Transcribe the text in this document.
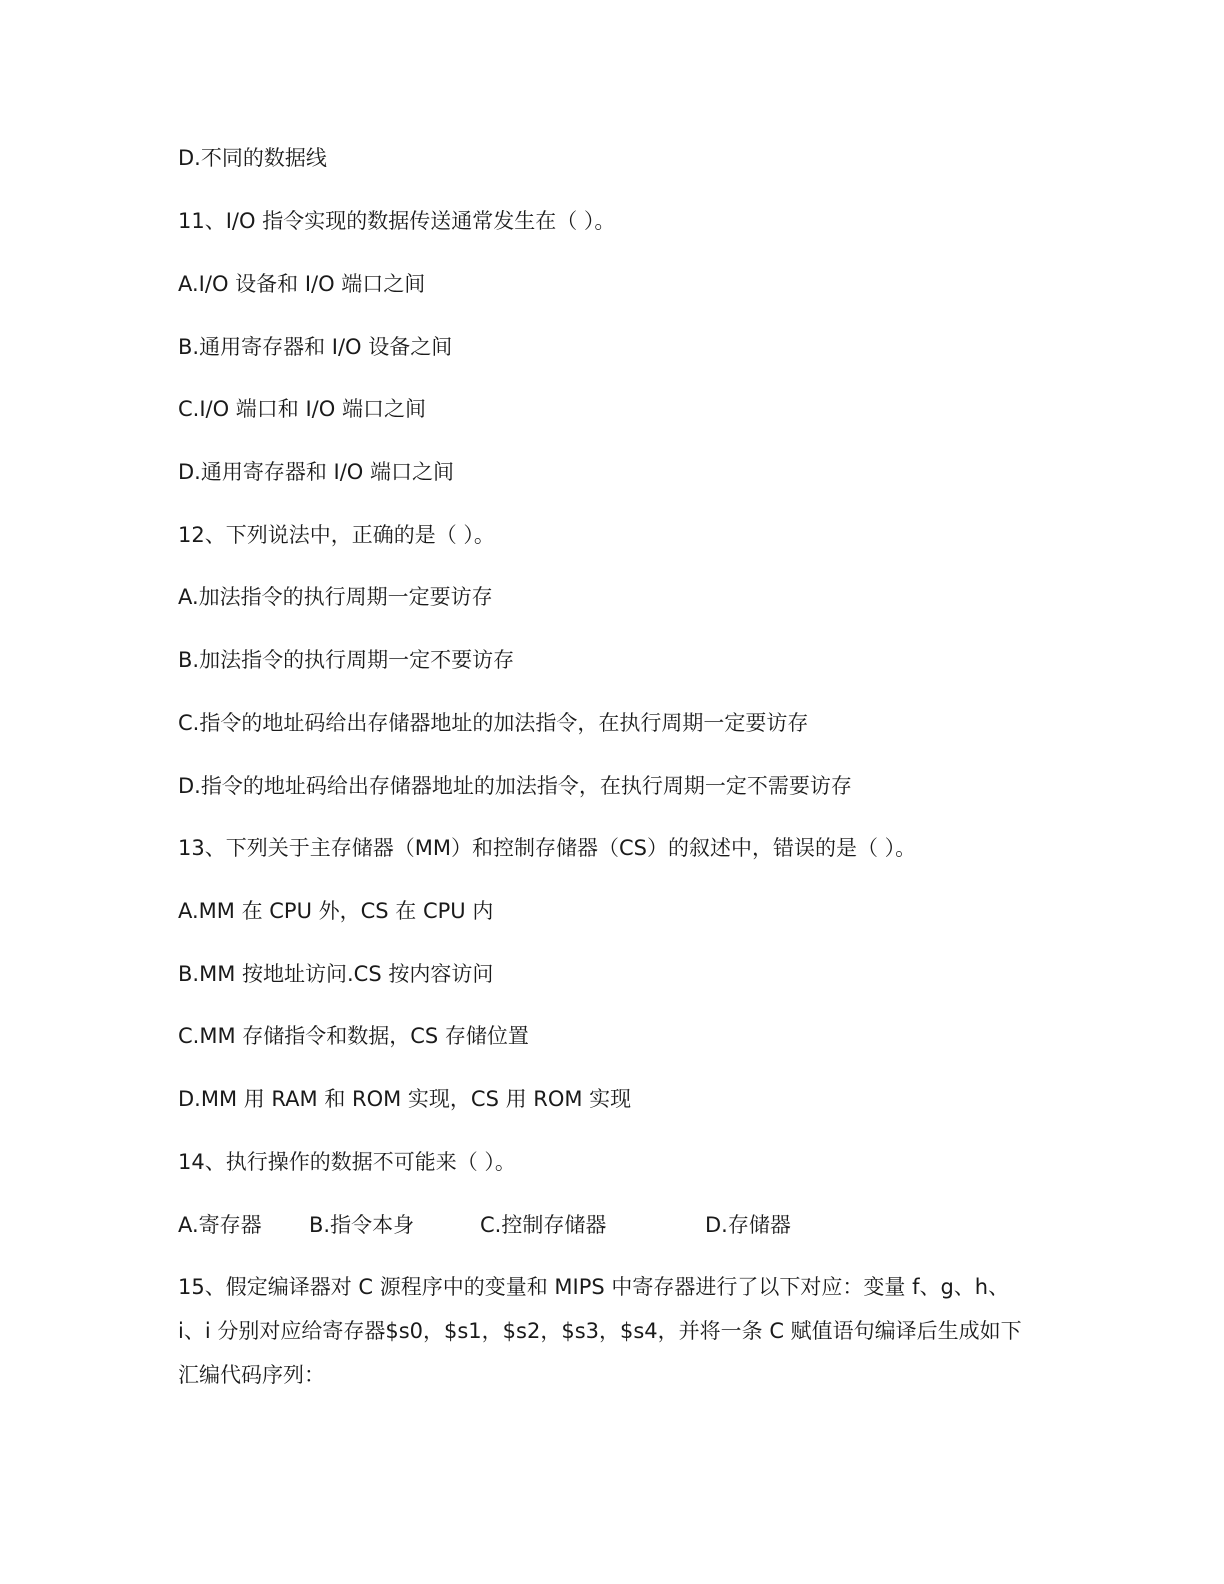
D.不同的数据线
11、I/O 指令实现的数据传送通常发生在（ ）。
A.I/O 设备和 I/O 端口之间
B.通用寄存器和 I/O 设备之间
C.I/O 端口和 I/O 端口之间
D.通用寄存器和 I/O 端口之间
12、下列说法中，正确的是（ ）。
A.加法指令的执行周期一定要访存
B.加法指令的执行周期一定不要访存
C.指令的地址码给出存储器地址的加法指令，在执行周期一定要访存
D.指令的地址码给出存储器地址的加法指令，在执行周期一定不需要访存
13、下列关于主存储器（MM）和控制存储器（CS）的叙述中，错误的是（ ）。
A.MM 在 CPU 外，CS 在 CPU 内
B.MM 按地址访问.CS 按内容访问
C.MM 存储指令和数据，CS 存储位置
D.MM 用 RAM 和 ROM 实现，CS 用 ROM 实现
14、执行操作的数据不可能来（ ）。
A.寄存器 B.指令本身	C.控制存储器	D.存储器
15、假定编译器对 C 源程序中的变量和 MIPS 中寄存器进行了以下对应：变量 f、g、h、
i、i 分别对应给寄存器$s0，$s1，$s2，$s3，$s4，并将一条 C 赋值语句编译后生成如下
汇编代码序列：
